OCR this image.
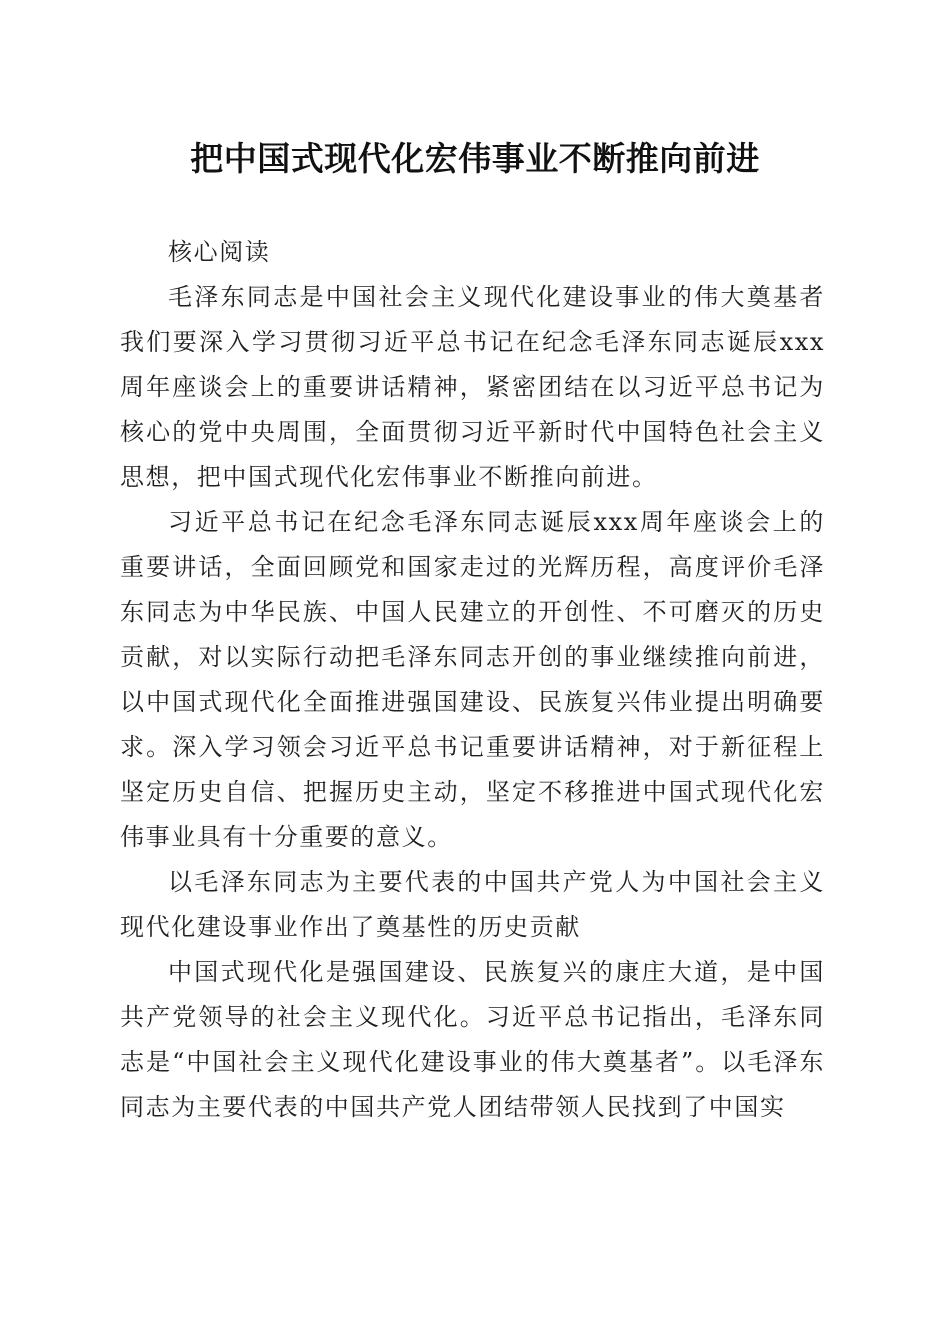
把中国式现代化宏伟事业不断推向前进

核心阅读

毛泽东同志是中国社会主义现代化建设事业的伟大奠基者我们要深入学习贯彻习近平总书记在纪念毛泽东同志诞辰xxx周年座谈会上的重要讲话精神，紧密团结在以习近平总书记为核心的党中央周围，全面贯彻习近平新时代中国特色社会主义思想，把中国式现代化宏伟事业不断推向前进。

习近平总书记在纪念毛泽东同志诞辰xxx周年座谈会上的重要讲话，全面回顾党和国家走过的光辉历程，高度评价毛泽东同志为中华民族、中国人民建立的开创性、不可磨灭的历史贡献，对以实际行动把毛泽东同志开创的事业继续推向前进，以中国式现代化全面推进强国建设、民族复兴伟业提出明确要求。深入学习领会习近平总书记重要讲话精神，对于新征程上坚定历史自信、把握历史主动，坚定不移推进中国式现代化宏伟事业具有十分重要的意义。

以毛泽东同志为主要代表的中国共产党人为中国社会主义现代化建设事业作出了奠基性的历史贡献

中国式现代化是强国建设、民族复兴的康庄大道，是中国共产党领导的社会主义现代化。习近平总书记指出，毛泽东同志是“中国社会主义现代化建设事业的伟大奠基者”。以毛泽东同志为主要代表的中国共产党人团结带领人民找到了中国实
